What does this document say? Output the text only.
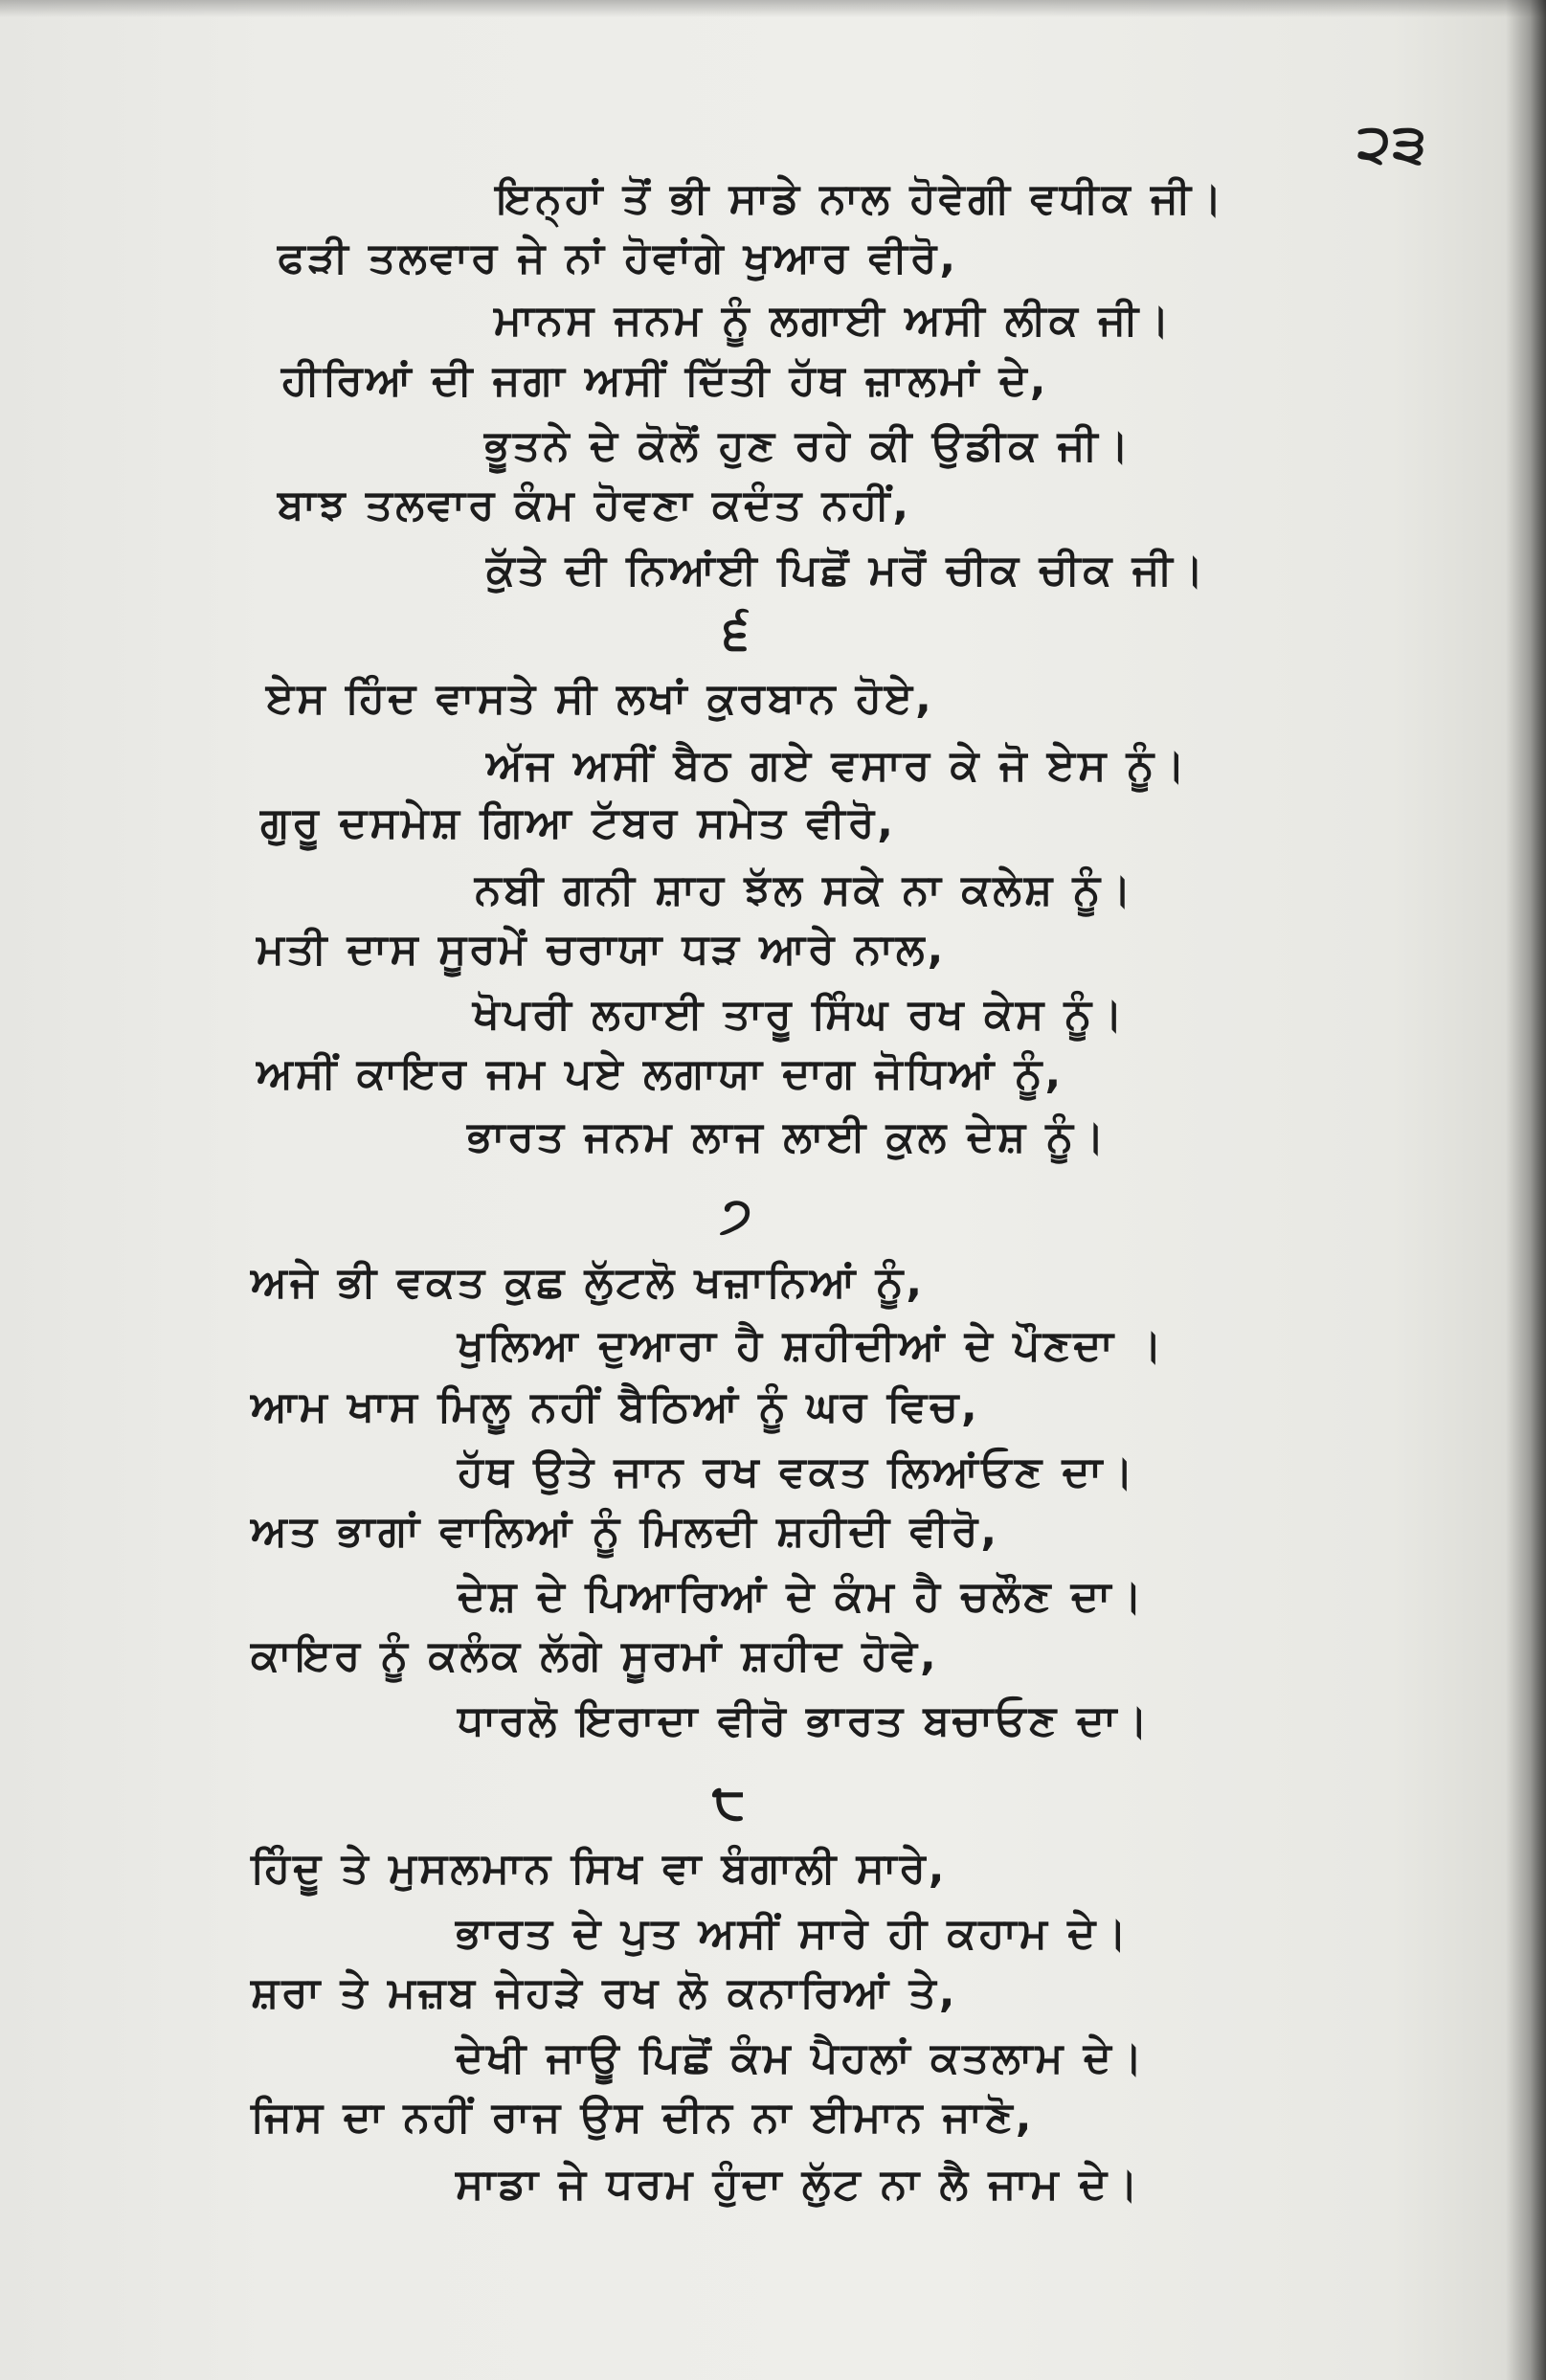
੨੩
ਇਨ੍ਹਾਂ ਤੋਂ ਭੀ ਸਾਡੇ ਨਾਲ ਹੋਵੇਗੀ ਵਧੀਕ ਜੀ।
ਫੜੀ ਤਲਵਾਰ ਜੇ ਨਾਂ ਹੋਵਾਂਗੇ ਖੁਆਰ ਵੀਰੋ,
ਮਾਨਸ ਜਨਮ ਨੂੰ ਲਗਾਈ ਅਸੀ ਲੀਕ ਜੀ।
ਹੀਰਿਆਂ ਦੀ ਜਗਾ ਅਸੀਂ ਦਿੱਤੀ ਹੱਥ ਜ਼ਾਲਮਾਂ ਦੇ,
ਭੂਤਨੇ ਦੇ ਕੋਲੋਂ ਹੁਣ ਰਹੇ ਕੀ ਉਡੀਕ ਜੀ।
ਬਾਝ ਤਲਵਾਰ ਕੰਮ ਹੋਵਣਾ ਕਦੰਤ ਨਹੀਂ,
ਕੁੱਤੇ ਦੀ ਨਿਆਂਈ ਪਿਛੋਂ ਮਰੋਂ ਚੀਕ ਚੀਕ ਜੀ।
੬
ਏਸ ਹਿੰਦ ਵਾਸਤੇ ਸੀ ਲਖਾਂ ਕੁਰਬਾਨ ਹੋਏ,
ਅੱਜ ਅਸੀਂ ਬੈਠ ਗਏ ਵਸਾਰ ਕੇ ਜੋ ਏਸ ਨੂੰ।
ਗੁਰੂ ਦਸਮੇਸ਼ ਗਿਆ ਟੱਬਰ ਸਮੇਤ ਵੀਰੋ,
ਨਬੀ ਗਨੀ ਸ਼ਾਹ ਝੱਲ ਸਕੇ ਨਾ ਕਲੇਸ਼ ਨੂੰ।
ਮਤੀ ਦਾਸ ਸੂਰਮੇਂ ਚਰਾਯਾ ਧੜ ਆਰੇ ਨਾਲ,
ਖੋਪਰੀ ਲਹਾਈ ਤਾਰੂ ਸਿੰਘ ਰਖ ਕੇਸ ਨੂੰ।
ਅਸੀਂ ਕਾਇਰ ਜਮ ਪਏ ਲਗਾਯਾ ਦਾਗ ਜੋਧਿਆਂ ਨੂੰ,
ਭਾਰਤ ਜਨਮ ਲਾਜ ਲਾਈ ਕੁਲ ਦੇਸ਼ ਨੂੰ।
੭
ਅਜੇ ਭੀ ਵਕਤ ਕੁਛ ਲੁੱਟਲੋ ਖਜ਼ਾਨਿਆਂ ਨੂੰ,
ਖੁਲਿਆ ਦੁਆਰਾ ਹੈ ਸ਼ਹੀਦੀਆਂ ਦੇ ਪੌਣਦਾ ।
ਆਮ ਖਾਸ ਮਿਲੂ ਨਹੀਂ ਬੈਠਿਆਂ ਨੂੰ ਘਰ ਵਿਚ,
ਹੱਥ ਉਤੇ ਜਾਨ ਰਖ ਵਕਤ ਲਿਆਂਓਣ ਦਾ।
ਅਤ ਭਾਗਾਂ ਵਾਲਿਆਂ ਨੂੰ ਮਿਲਦੀ ਸ਼ਹੀਦੀ ਵੀਰੋ,
ਦੇਸ਼ ਦੇ ਪਿਆਰਿਆਂ ਦੇ ਕੰਮ ਹੈ ਚਲੌਣ ਦਾ।
ਕਾਇਰ ਨੂੰ ਕਲੰਕ ਲੱਗੇ ਸੂਰਮਾਂ ਸ਼ਹੀਦ ਹੋਵੇ,
ਧਾਰਲੋ ਇਰਾਦਾ ਵੀਰੋ ਭਾਰਤ ਬਚਾਓਣ ਦਾ।
੮
ਹਿੰਦੂ ਤੇ ਮੁਸਲਮਾਨ ਸਿਖ ਵਾ ਬੰਗਾਲੀ ਸਾਰੇ,
ਭਾਰਤ ਦੇ ਪੁਤ ਅਸੀਂ ਸਾਰੇ ਹੀ ਕਹਾਮ ਦੇ।
ਸ਼ਰਾ ਤੇ ਮਜ਼ਬ ਜੇਹੜੇ ਰਖ ਲੋ ਕਨਾਰਿਆਂ ਤੇ,
ਦੇਖੀ ਜਾਊ ਪਿਛੋਂ ਕੰਮ ਪੈਹਲਾਂ ਕਤਲਾਮ ਦੇ।
ਜਿਸ ਦਾ ਨਹੀਂ ਰਾਜ ਉਸ ਦੀਨ ਨਾ ਈਮਾਨ ਜਾਣੋ,
ਸਾਡਾ ਜੇ ਧਰਮ ਹੁੰਦਾ ਲੁੱਟ ਨਾ ਲੈ ਜਾਮ ਦੇ।
